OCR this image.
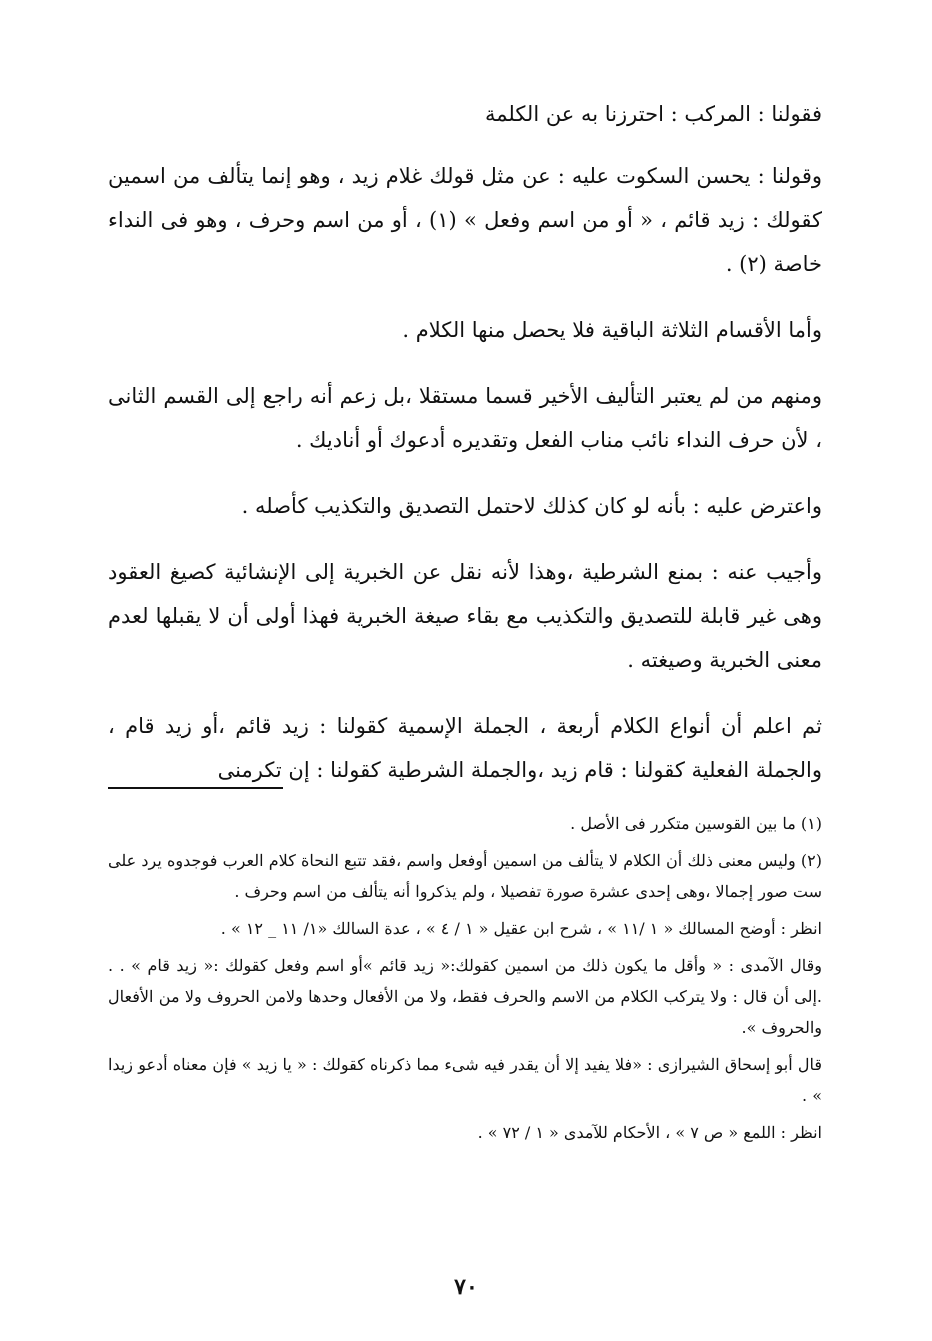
فقولنا : المركب : احترزنا به عن الكلمة

وقولنا : يحسن السكوت عليه : عن مثل قولك غلام زيد ، وهو إنما يتألف من اسمين كقولك : زيد قائم ، « أو من اسم وفعل » (١) ، أو من اسم وحرف ، وهو فى النداء خاصة (٢) .

وأما الأقسام الثلاثة الباقية فلا يحصل منها الكلام .

ومنهم من لم يعتبر التأليف الأخير قسما مستقلا ،بل زعم أنه راجع إلى القسم الثانى ، لأن حرف النداء نائب مناب الفعل وتقديره أدعوك أو أناديك .

واعترض عليه : بأنه لو كان كذلك لاحتمل التصديق والتكذيب كأصله .

وأجيب عنه : بمنع الشرطية ،وهذا لأنه نقل عن الخبرية إلى الإنشائية كصيغ العقود وهى غير قابلة للتصديق والتكذيب مع بقاء صيغة الخبرية فهذا أولى أن لا يقبلها لعدم معنى الخبرية وصيغته .

ثم اعلم أن أنواع الكلام أربعة ، الجملة الإسمية كقولنا : زيد قائم ،أو زيد قام ، والجملة الفعلية كقولنا : قام زيد ،والجملة الشرطية كقولنا : إن تكرمنى

(١) ما بين القوسين متكرر فى الأصل .

(٢) وليس معنى ذلك أن الكلام لا يتألف من اسمين أوفعل واسم ،فقد تتبع النحاة كلام العرب فوجدوه يرد على ست صور إجمالا ،وهى إحدى عشرة صورة تفصيلا ، ولم يذكروا أنه يتألف من اسم وحرف .

انظر : أوضح المسالك « ١ /١١ » ، شرح ابن عقيل « ١ / ٤ » ، عدة السالك «١/ ١١ _ ١٢ » .

وقال الآمدى : « وأقل ما يكون ذلك من اسمين كقولك:« زيد قائم »أو اسم وفعل كقولك :« زيد قام » . . .إلى أن قال : ولا يتركب الكلام من الاسم والحرف فقط، ولا من الأفعال وحدها ولامن الحروف ولا من الأفعال والحروف ».

قال أبو إسحاق الشيرازى : «فلا يفيد إلا أن يقدر فيه شىء مما ذكرناه كقولك : « يا زيد » فإن معناه أدعو زيدا » .

انظر : اللمع « ص ٧ » ، الأحكام للآمدى « ١ / ٧٢ » .

٧٠
